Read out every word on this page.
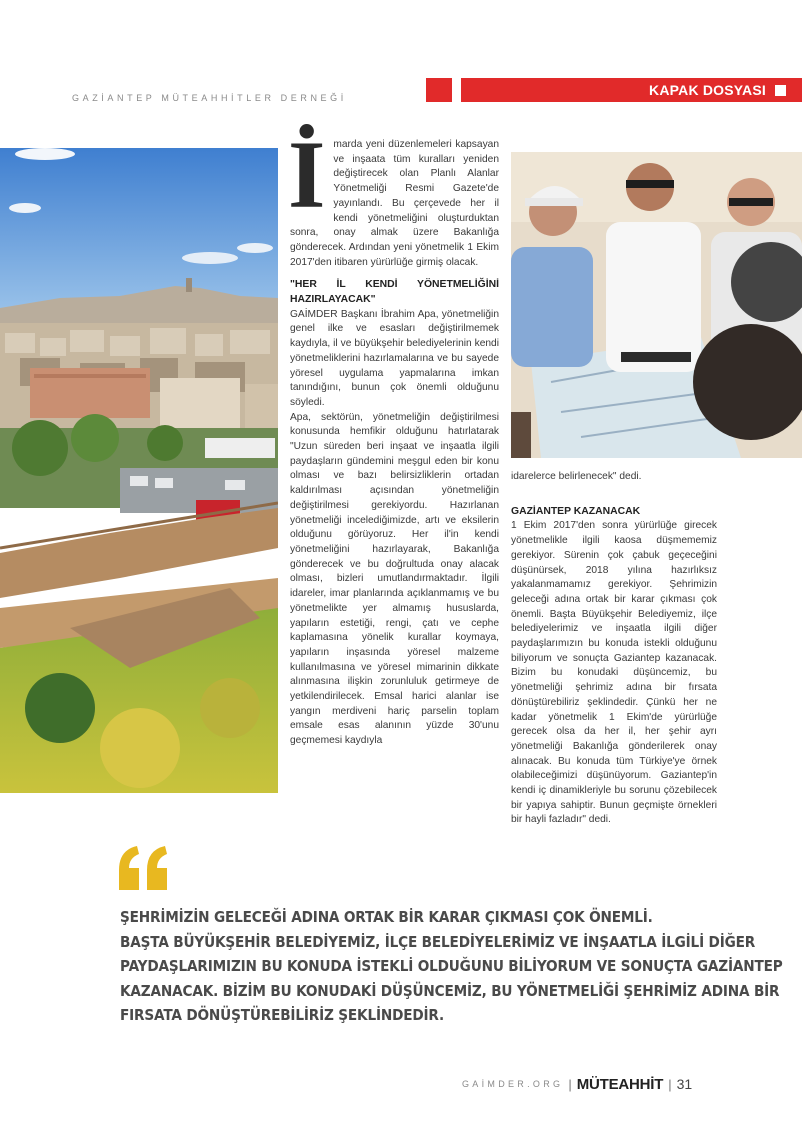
GAZİANTEP MÜTEAHHİTLER DERNEĞİ	KAPAK DOSYASI
İ marda yeni düzenlemeleri kapsayan ve inşaata tüm kuralları yeniden değiştirecek olan Planlı Alanlar Yönetmeliği Resmi Gazete'de yayınlandı. Bu çerçevede her il kendi yönetmeliğini oluşturduktan sonra, onay almak üzere Bakanlığa gönderecek. Ardından yeni yönetmelik 1 Ekim 2017'den itibaren yürürlüğe girmiş olacak.

"HER İL KENDİ YÖNETMELİĞİNİ HAZIRLAYACAK"

GAİMDER Başkanı İbrahim Apa, yönetmeliğin genel ilke ve esasları değiştirilmemek kaydıyla, il ve büyükşehir belediyelerinin kendi yönetmeliklerini hazırlamalarına ve bu sayede yöresel uygulama yapmalarına imkan tanındığını, bunun çok önemli olduğunu söyledi.

Apa, sektörün, yönetmeliğin değiştirilmesi konusunda hemfikir olduğunu hatırlatarak "Uzun süreden beri inşaat ve inşaatla ilgili paydaşların gündemini meşgul eden bir konu olması ve bazı belirsizliklerin ortadan kaldırılması açısından yönetmeliğin değiştirilmesi gerekiyordu. Hazırlanan yönetmeliği incelediğimizde, artı ve eksilerin olduğunu görüyoruz. Her il'in kendi yönetmeliğini hazırlayarak, Bakanlığa gönderecek ve bu doğrultuda onay alacak olması, bizleri umutlandırmaktadır. İlgili idareler, imar planlarında açıklanmamış ve bu yönetmelikte yer almamış hususlarda, yapıların estetiği, rengi, çatı ve cephe kaplamasına yönelik kurallar koymaya, yapıların inşasında yöresel malzeme kullanılmasına ve yöresel mimarinin dikkate alınmasına ilişkin zorunluluk getirmeye de yetkilendirilecek. Emsal harici alanlar ise yangın merdiveni hariç parselin toplam emsale esas alanının yüzde 30'unu geçmemesi kaydıyla

idarelerce belirlenecek" dedi.

GAZİANTEP KAZANACAK

1 Ekim 2017'den sonra yürürlüğe girecek yönetmelikle ilgili kaosa düşmememiz gerekiyor. Sürenin çok çabuk geçeceğini düşünürsek, 2018 yılına hazırlıksız yakalanmamamız gerekiyor. Şehrimizin geleceği adına ortak bir karar çıkması çok önemli. Başta Büyükşehir Belediyemiz, ilçe belediyelerimiz ve inşaatla ilgili diğer paydaşlarımızın bu konuda istekli olduğunu biliyorum ve sonuçta Gaziantep kazanacak. Bizim bu konudaki düşüncemiz, bu yönetmeliği şehrimiz adına bir fırsata dönüştürebiliriz şeklindedir. Çünkü her ne kadar yönetmelik 1 Ekim'de yürürlüğe gerecek olsa da her il, her şehir ayrı yönetmeliği Bakanlığa gönderilerek onay alınacak. Bu konuda tüm Türkiye'ye örnek olabileceğimizi düşünüyorum. Gaziantep'in kendi iç dinamikleriyle bu sorunu çözebilecek bir yapıya sahiptir. Bunun geçmişte örnekleri bir hayli fazladır" dedi.

ŞEHRİMİZİN GELECEĞİ ADINA ORTAK BİR KARAR ÇIKMASI ÇOK ÖNEMLİ.
BAŞTA BÜYÜKŞEHİR BELEDİYEMİZ, İLÇE BELEDİYELERİMİZ VE İNŞAATLA İLGİLİ DİĞER
PAYDAŞLARIMIZIN BU KONUDA İSTEKLİ OLDUĞUNU BİLİYORUM VE SONUÇTA GAZİANTEP
KAZANACAK. BİZİM BU KONUDAKİ DÜŞÜNCEMİZ, BU YÖNETMELİĞİ ŞEHRİMİZ ADINA BİR
FIRSATA DÖNÜŞTÜREBİLİRİZ ŞEKLİNDEDİR.
GAİMDER.ORG | MÜTEAHHİT | 31
